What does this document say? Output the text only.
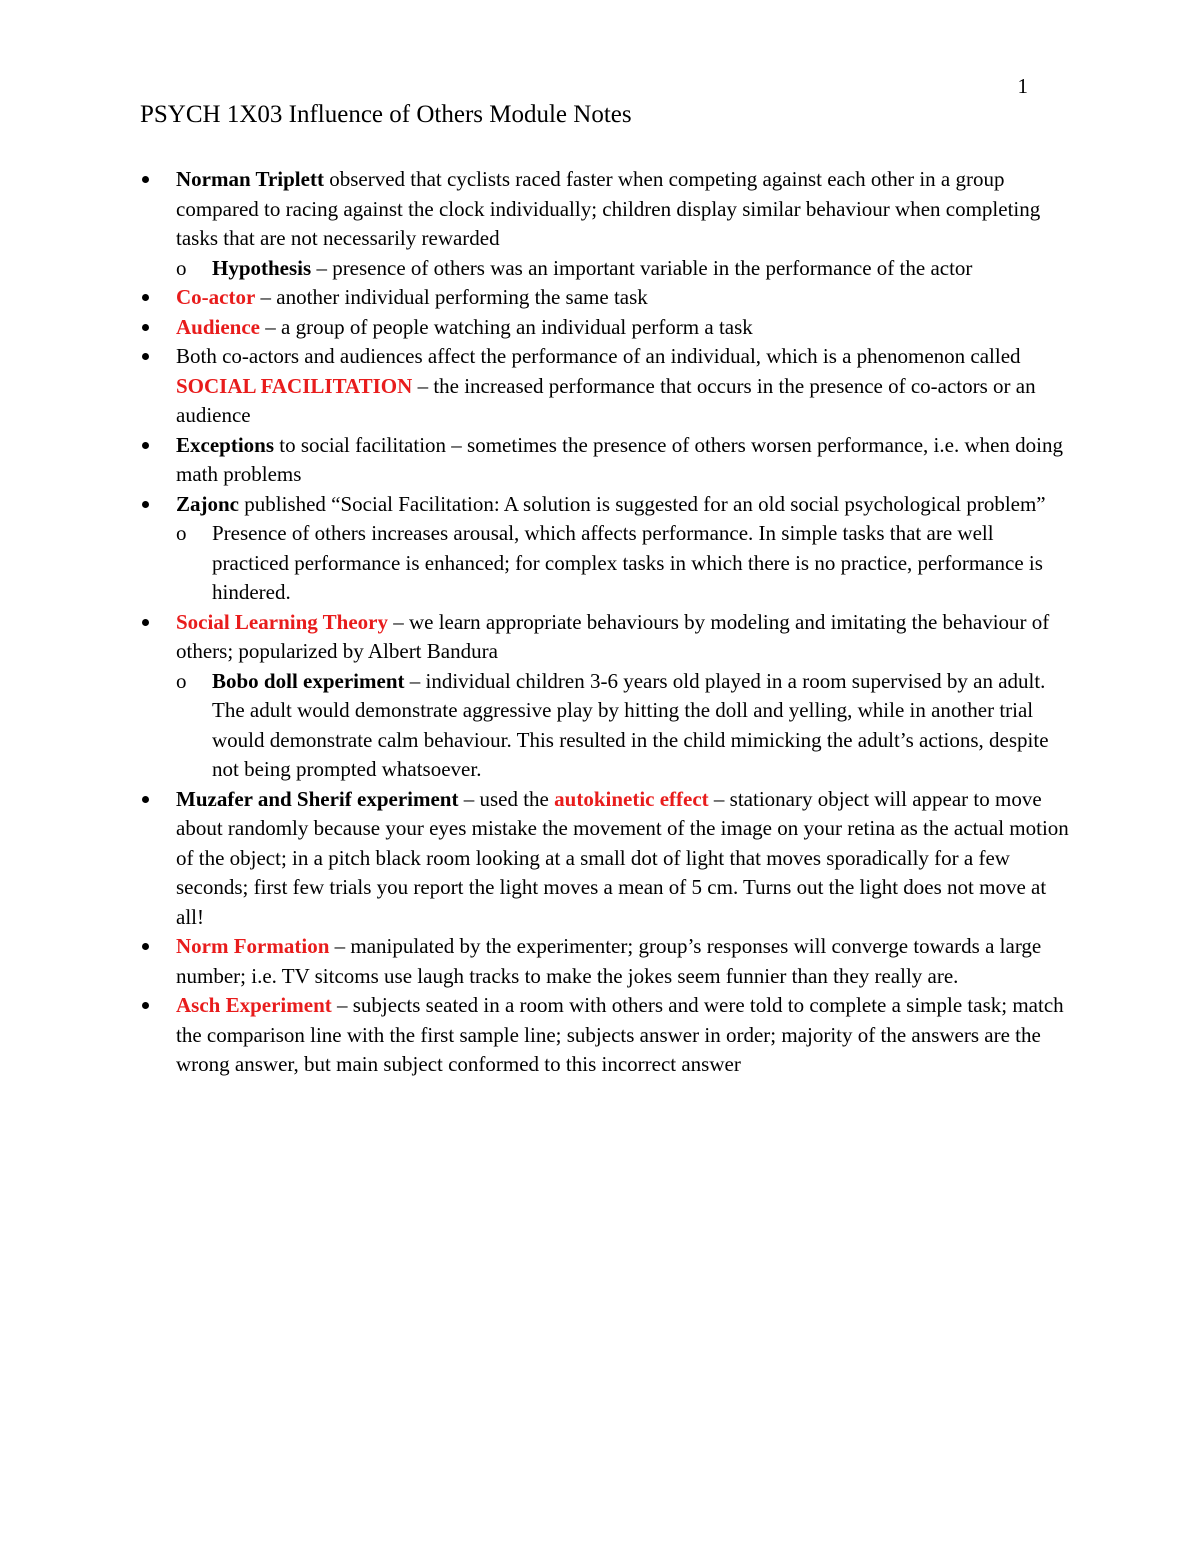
1
PSYCH 1X03 Influence of Others Module Notes
Norman Triplett observed that cyclists raced faster when competing against each other in a group compared to racing against the clock individually; children display similar behaviour when completing tasks that are not necessarily rewarded
o	Hypothesis – presence of others was an important variable in the performance of the actor
Co-actor – another individual performing the same task
Audience – a group of people watching an individual perform a task
Both co-actors and audiences affect the performance of an individual, which is a phenomenon called SOCIAL FACILITATION – the increased performance that occurs in the presence of co-actors or an audience
Exceptions to social facilitation – sometimes the presence of others worsen performance, i.e. when doing math problems
Zajonc published “Social Facilitation: A solution is suggested for an old social psychological problem”
o	Presence of others increases arousal, which affects performance. In simple tasks that are well practiced performance is enhanced; for complex tasks in which there is no practice, performance is hindered.
Social Learning Theory – we learn appropriate behaviours by modeling and imitating the behaviour of others; popularized by Albert Bandura
o	Bobo doll experiment – individual children 3-6 years old played in a room supervised by an adult. The adult would demonstrate aggressive play by hitting the doll and yelling, while in another trial would demonstrate calm behaviour. This resulted in the child mimicking the adult’s actions, despite not being prompted whatsoever.
Muzafer and Sherif experiment – used the autokinetic effect – stationary object will appear to move about randomly because your eyes mistake the movement of the image on your retina as the actual motion of the object; in a pitch black room looking at a small dot of light that moves sporadically for a few seconds; first few trials you report the light moves a mean of 5 cm. Turns out the light does not move at all!
Norm Formation – manipulated by the experimenter; group’s responses will converge towards a large number; i.e. TV sitcoms use laugh tracks to make the jokes seem funnier than they really are.
Asch Experiment – subjects seated in a room with others and were told to complete a simple task; match the comparison line with the first sample line; subjects answer in order; majority of the answers are the wrong answer, but main subject conformed to this incorrect answer
